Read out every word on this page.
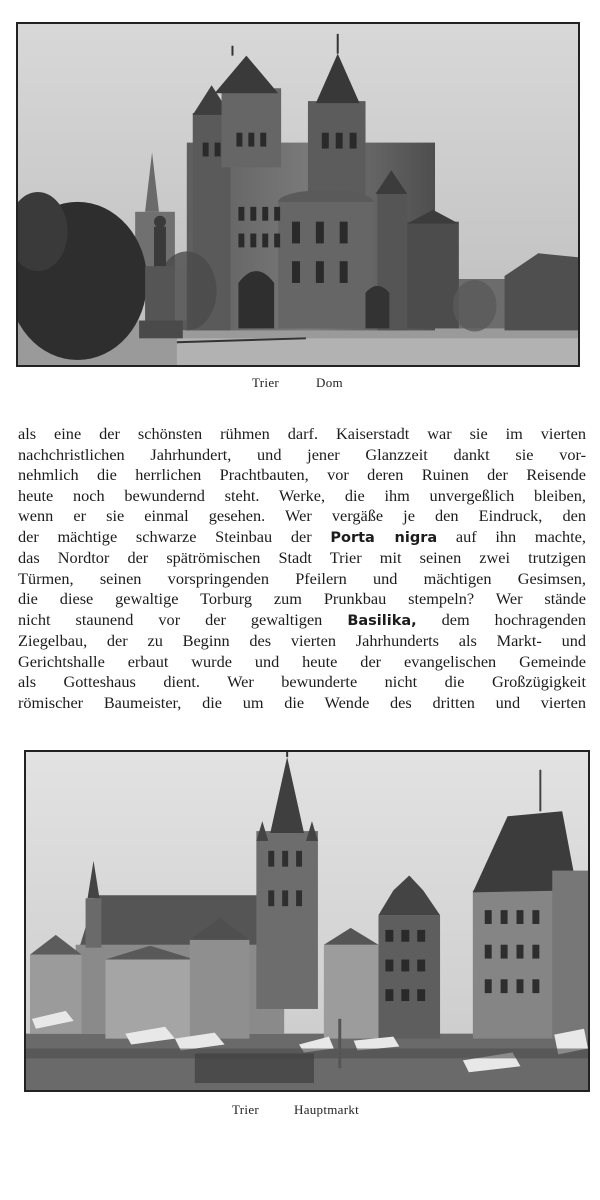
Trier	Dom
als eine der schönsten rühmen darf. Kaiserstadt war sie im vierten
nachchristlichen Jahrhundert, und jener Glanzzeit dankt sie vor-
nehmlich die herrlichen Prachtbauten, vor deren Ruinen der Reisende
heute noch bewundernd steht. Werke, die ihm unvergeßlich bleiben,
wenn er sie einmal gesehen. Wer vergäße je den Eindruck, den
der mächtige schwarze Steinbau der Porta nigra auf ihn machte,
das Nordtor der spätrömischen Stadt Trier mit seinen zwei trutzigen
Türmen, seinen vorspringenden Pfeilern und mächtigen Gesimsen,
die diese gewaltige Torburg zum Prunkbau stempeln? Wer stände
nicht staunend vor der gewaltigen Basilika, dem hochragenden
Ziegelbau, der zu Beginn des vierten Jahrhunderts als Markt- und
Gerichtshalle erbaut wurde und heute der evangelischen Gemeinde
als Gotteshaus dient. Wer bewunderte nicht die Großzügigkeit
römischer Baumeister, die um die Wende des dritten und vierten
Trier	Hauptmarkt
